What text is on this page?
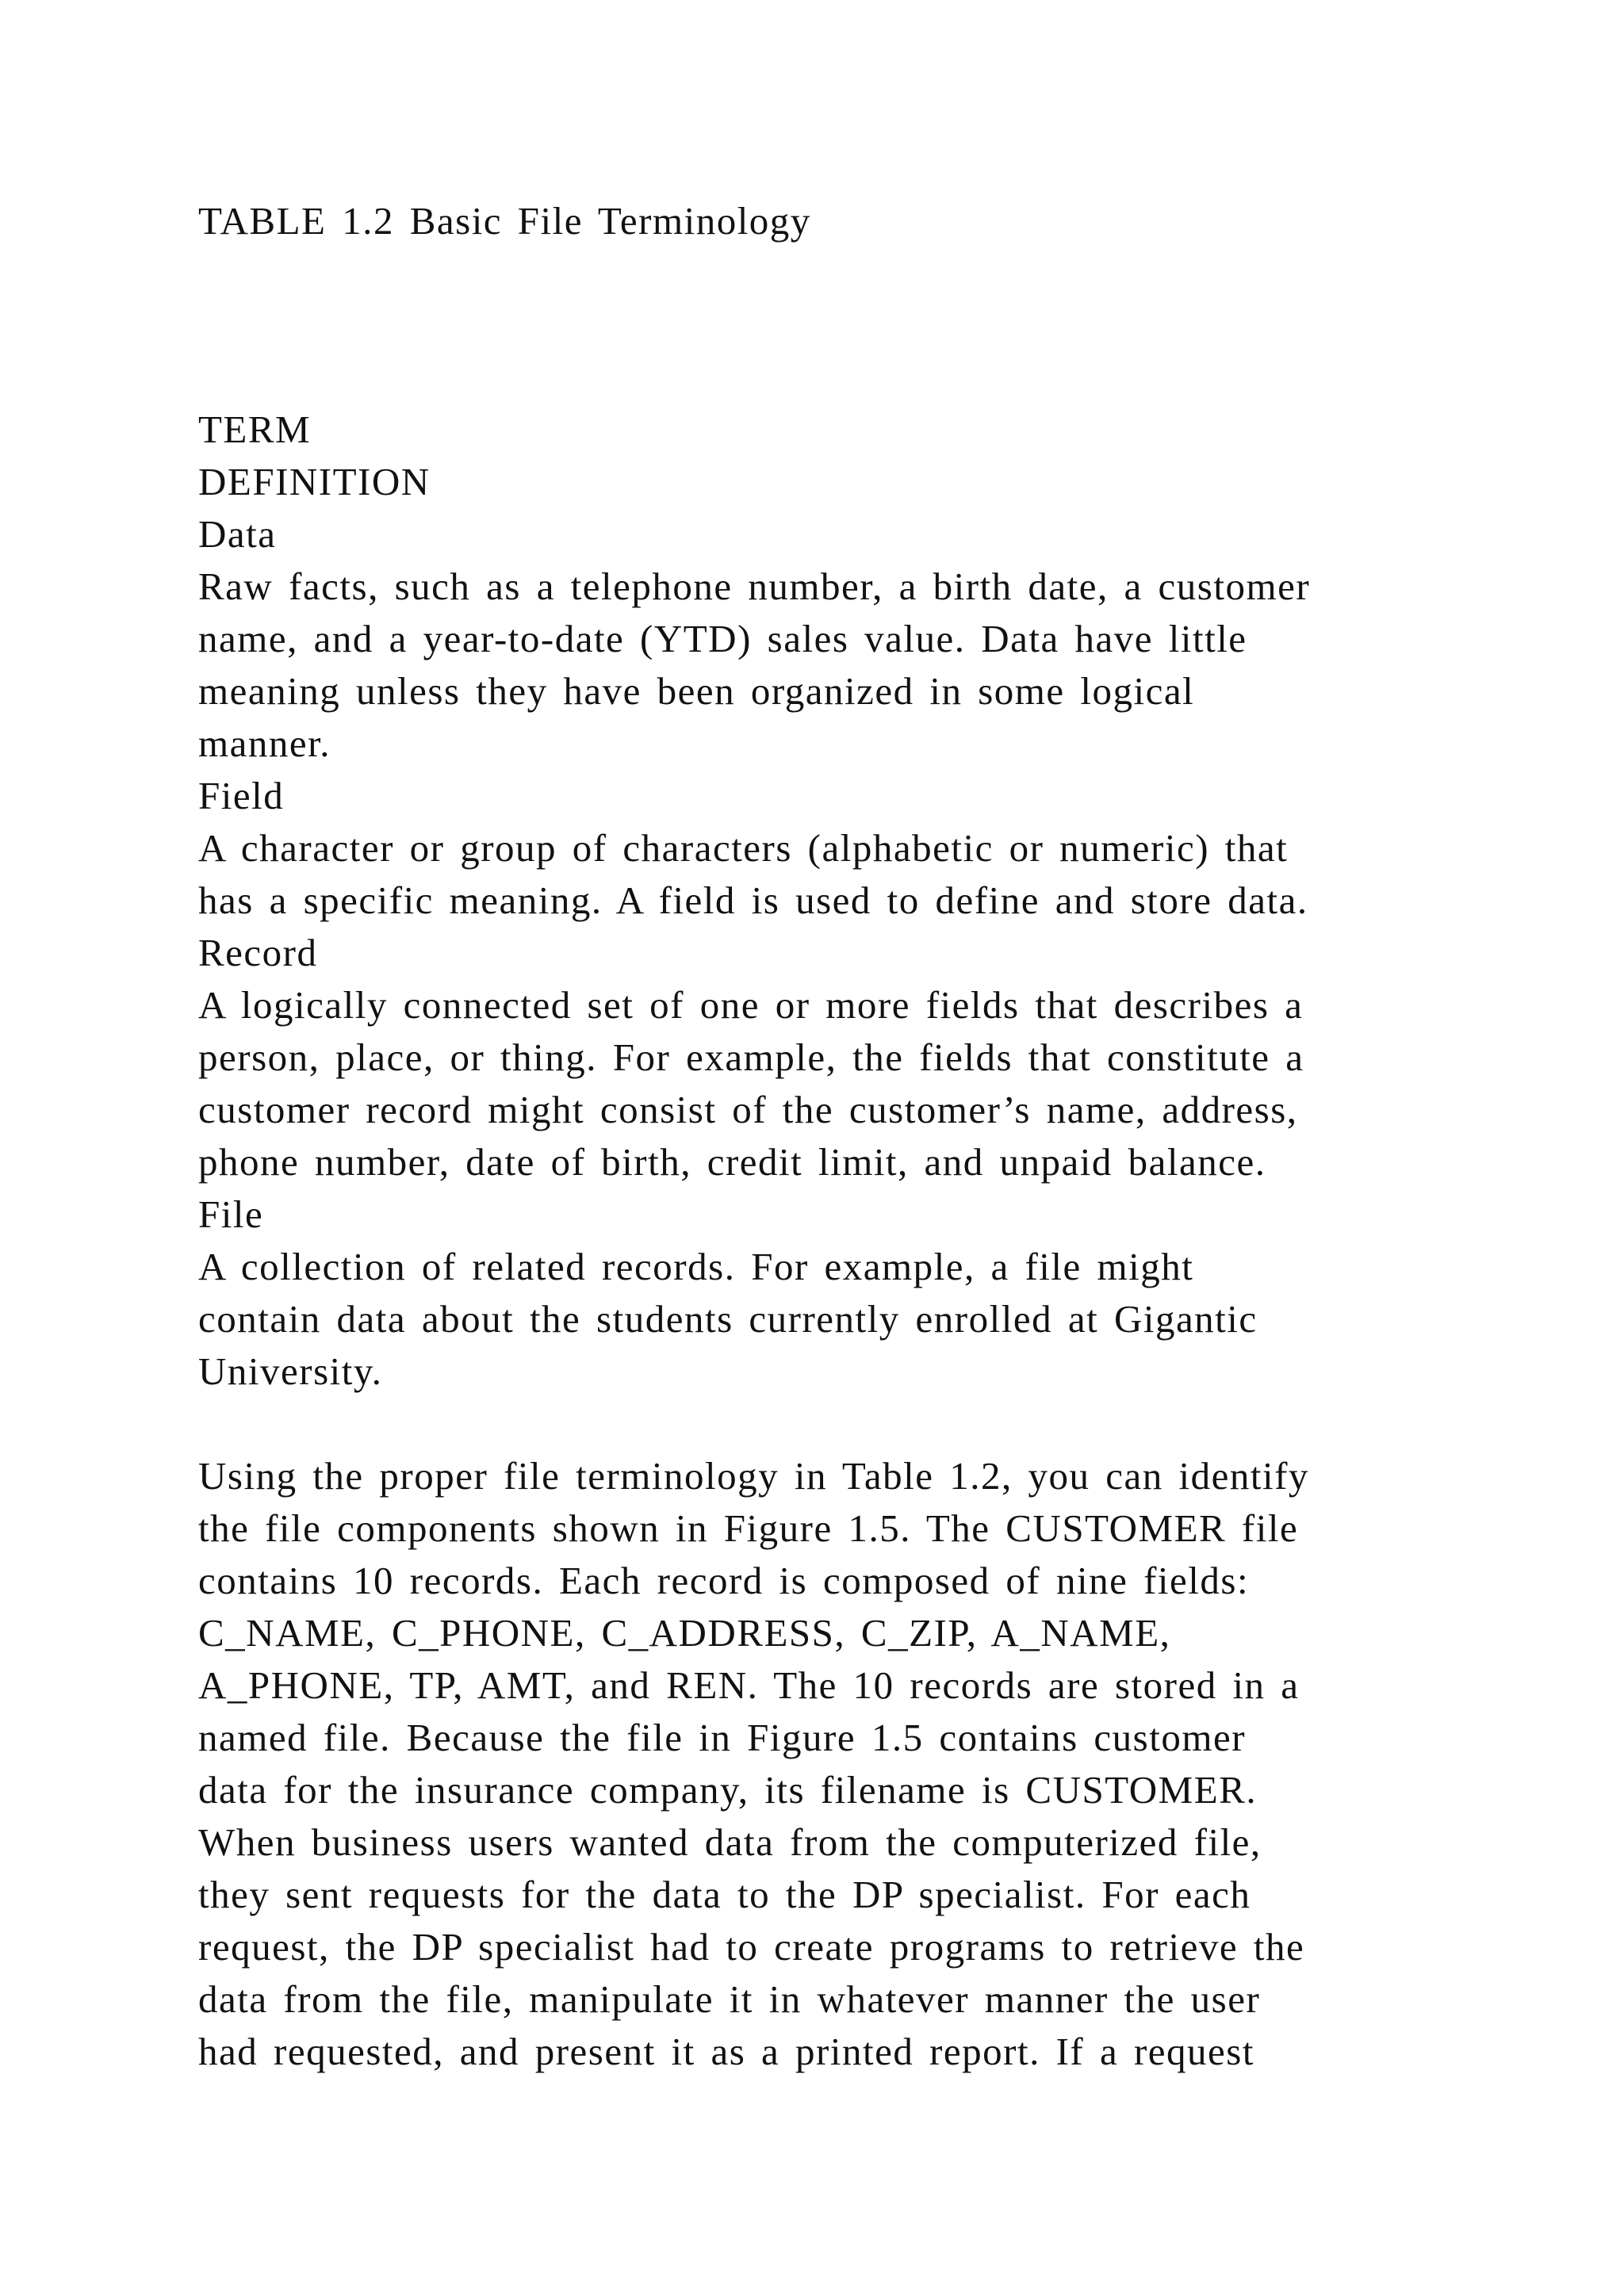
TABLE 1.2 Basic File Terminology
TERM
DEFINITION
Data
Raw facts, such as a telephone number, a birth date, a customer
name, and a year-to-date (YTD) sales value. Data have little
meaning unless they have been organized in some logical
manner.
Field
A character or group of characters (alphabetic or numeric) that
has a specific meaning. A field is used to define and store data.
Record
A logically connected set of one or more fields that describes a
person, place, or thing. For example, the fields that constitute a
customer record might consist of the customer’s name, address,
phone number, date of birth, credit limit, and unpaid balance.
File
A collection of related records. For example, a file might
contain data about the students currently enrolled at Gigantic
University.
Using the proper file terminology in Table 1.2, you can identify
the file components shown in Figure 1.5. The CUSTOMER file
contains 10 records. Each record is composed of nine fields:
C_NAME, C_PHONE, C_ADDRESS, C_ZIP, A_NAME,
A_PHONE, TP, AMT, and REN. The 10 records are stored in a
named file. Because the file in Figure 1.5 contains customer
data for the insurance company, its filename is CUSTOMER.
When business users wanted data from the computerized file,
they sent requests for the data to the DP specialist. For each
request, the DP specialist had to create programs to retrieve the
data from the file, manipulate it in whatever manner the user
had requested, and present it as a printed report. If a request
